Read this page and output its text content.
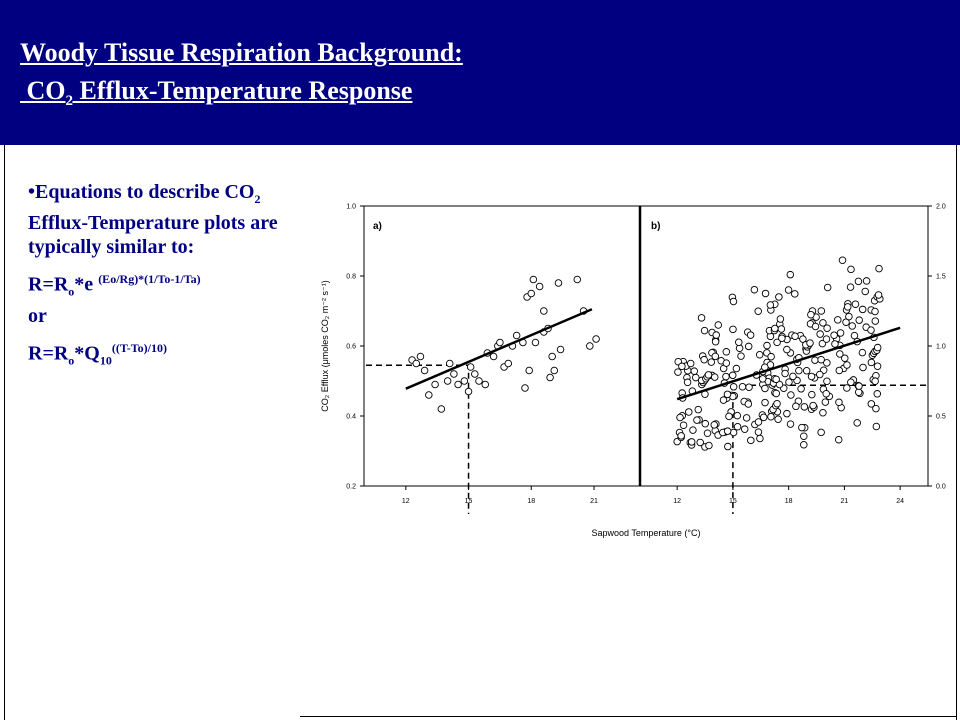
Woody Tissue Respiration Background:
$CO_2$ Efflux-Temperature Response

•Equations to describe $CO_2$ Efflux-Temperature plots are typically similar to:

$R=R_o*e$ $^{(Eo/Rg)*(1/To-1/Ta)}$

or

$R=R_o*Q_{10}^{((T-To)/10)}$

a)	b)
CO₂ Efflux (μmoles CO₂ m⁻² s⁻¹)
Sapwood Temperature (°C)
12	15	18	21
0.2
0.4
0.6
0.8
1.0
12	15	18	21	24
0.0
0.5
1.0
1.5
2.0
